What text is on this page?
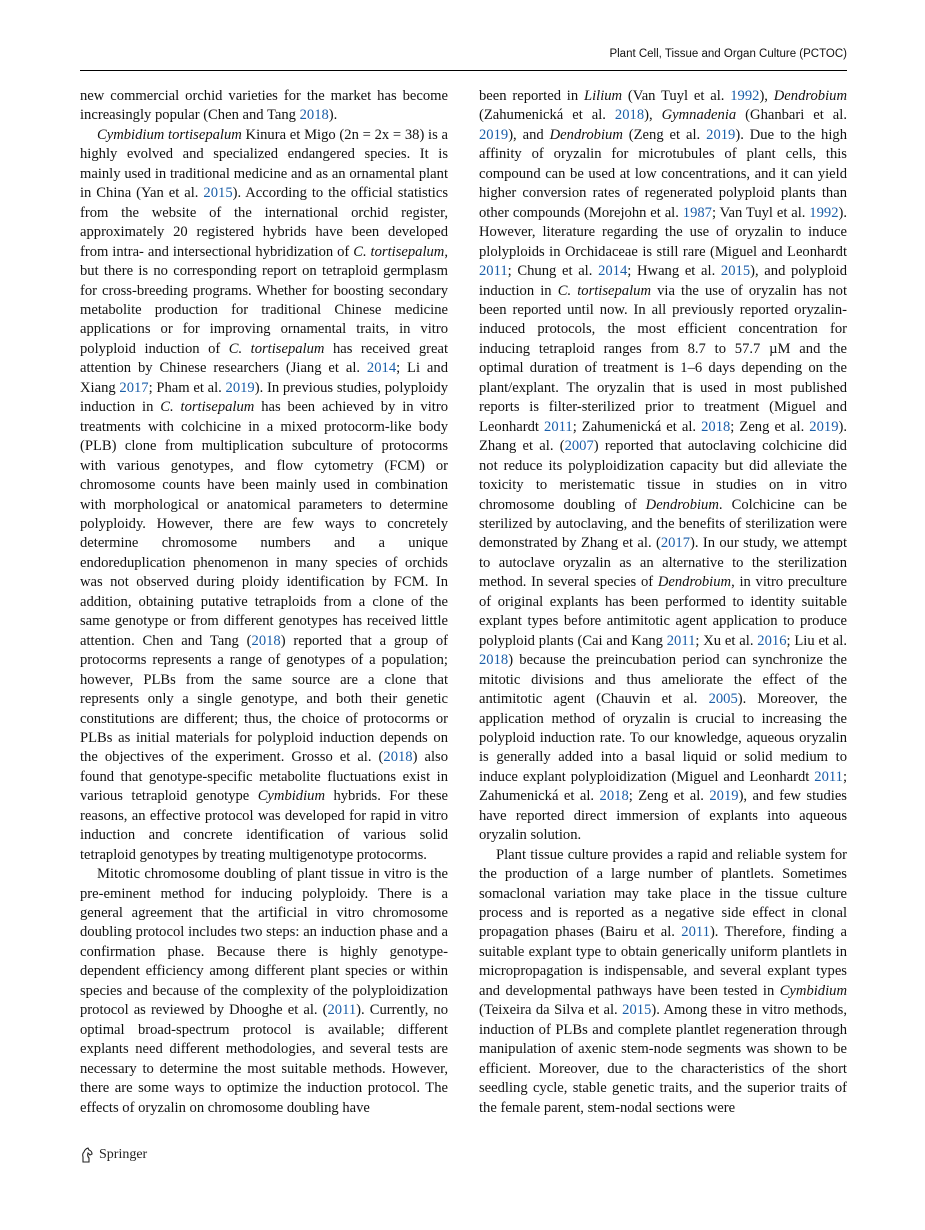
Plant Cell, Tissue and Organ Culture (PCTOC)

new commercial orchid varieties for the market has become increasingly popular (Chen and Tang 2018).

Cymbidium tortisepalum Kinura et Migo (2n = 2x = 38) is a highly evolved and specialized endangered species. It is mainly used in traditional medicine and as an ornamental plant in China (Yan et al. 2015). According to the official statistics from the website of the international orchid register, approximately 20 registered hybrids have been developed from intra- and intersectional hybridization of C. tortisepalum, but there is no corresponding report on tetraploid germplasm for cross-breeding programs. Whether for boosting secondary metabolite production for traditional Chinese medicine applications or for improving ornamental traits, in vitro polyploid induction of C. tortisepalum has received great attention by Chinese researchers (Jiang et al. 2014; Li and Xiang 2017; Pham et al. 2019). In previous studies, polyploidy induction in C. tortisepalum has been achieved by in vitro treatments with colchicine in a mixed protocorm-like body (PLB) clone from multiplication subculture of protocorms with various genotypes, and flow cytometry (FCM) or chromosome counts have been mainly used in combination with morphological or anatomical parameters to determine polyploidy. However, there are few ways to concretely determine chromosome numbers and a unique endoreduplication phenomenon in many species of orchids was not observed during ploidy identification by FCM. In addition, obtaining putative tetraploids from a clone of the same genotype or from different genotypes has received little attention. Chen and Tang (2018) reported that a group of protocorms represents a range of genotypes of a population; however, PLBs from the same source are a clone that represents only a single genotype, and both their genetic constitutions are different; thus, the choice of protocorms or PLBs as initial materials for polyploid induction depends on the objectives of the experiment. Grosso et al. (2018) also found that genotype-specific metabolite fluctuations exist in various tetraploid genotype Cymbidium hybrids. For these reasons, an effective protocol was developed for rapid in vitro induction and concrete identification of various solid tetraploid genotypes by treating multigenotype protocorms.

Mitotic chromosome doubling of plant tissue in vitro is the pre-eminent method for inducing polyploidy. There is a general agreement that the artificial in vitro chromosome doubling protocol includes two steps: an induction phase and a confirmation phase. Because there is highly genotype-dependent efficiency among different plant species or within species and because of the complexity of the polyploidization protocol as reviewed by Dhooghe et al. (2011). Currently, no optimal broad-spectrum protocol is available; different explants need different methodologies, and several tests are necessary to determine the most suitable methods. However, there are some ways to optimize the induction protocol. The effects of oryzalin on chromosome doubling have

been reported in Lilium (Van Tuyl et al. 1992), Dendrobium (Zahumenická et al. 2018), Gymnadenia (Ghanbari et al. 2019), and Dendrobium (Zeng et al. 2019). Due to the high affinity of oryzalin for microtubules of plant cells, this compound can be used at low concentrations, and it can yield higher conversion rates of regenerated polyploid plants than other compounds (Morejohn et al. 1987; Van Tuyl et al. 1992). However, literature regarding the use of oryzalin to induce plolyploids in Orchidaceae is still rare (Miguel and Leonhardt 2011; Chung et al. 2014; Hwang et al. 2015), and polyploid induction in C. tortisepalum via the use of oryzalin has not been reported until now. In all previously reported oryzalin-induced protocols, the most efficient concentration for inducing tetraploid ranges from 8.7 to 57.7 µM and the optimal duration of treatment is 1–6 days depending on the plant/explant. The oryzalin that is used in most published reports is filter-sterilized prior to treatment (Miguel and Leonhardt 2011; Zahumenická et al. 2018; Zeng et al. 2019). Zhang et al. (2007) reported that autoclaving colchicine did not reduce its polyploidization capacity but did alleviate the toxicity to meristematic tissue in studies on in vitro chromosome doubling of Dendrobium. Colchicine can be sterilized by autoclaving, and the benefits of sterilization were demonstrated by Zhang et al. (2017). In our study, we attempt to autoclave oryzalin as an alternative to the sterilization method. In several species of Dendrobium, in vitro preculture of original explants has been performed to identity suitable explant types before antimitotic agent application to produce polyploid plants (Cai and Kang 2011; Xu et al. 2016; Liu et al. 2018) because the preincubation period can synchronize the mitotic divisions and thus ameliorate the effect of the antimitotic agent (Chauvin et al. 2005). Moreover, the application method of oryzalin is crucial to increasing the polyploid induction rate. To our knowledge, aqueous oryzalin is generally added into a basal liquid or solid medium to induce explant polyploidization (Miguel and Leonhardt 2011; Zahumenická et al. 2018; Zeng et al. 2019), and few studies have reported direct immersion of explants into aqueous oryzalin solution.

Plant tissue culture provides a rapid and reliable system for the production of a large number of plantlets. Sometimes somaclonal variation may take place in the tissue culture process and is reported as a negative side effect in clonal propagation phases (Bairu et al. 2011). Therefore, finding a suitable explant type to obtain generically uniform plantlets in micropropagation is indispensable, and several explant types and developmental pathways have been tested in Cymbidium (Teixeira da Silva et al. 2015). Among these in vitro methods, induction of PLBs and complete plantlet regeneration through manipulation of axenic stem-node segments was shown to be efficient. Moreover, due to the characteristics of the short seedling cycle, stable genetic traits, and the superior traits of the female parent, stem-nodal sections were

Springer
